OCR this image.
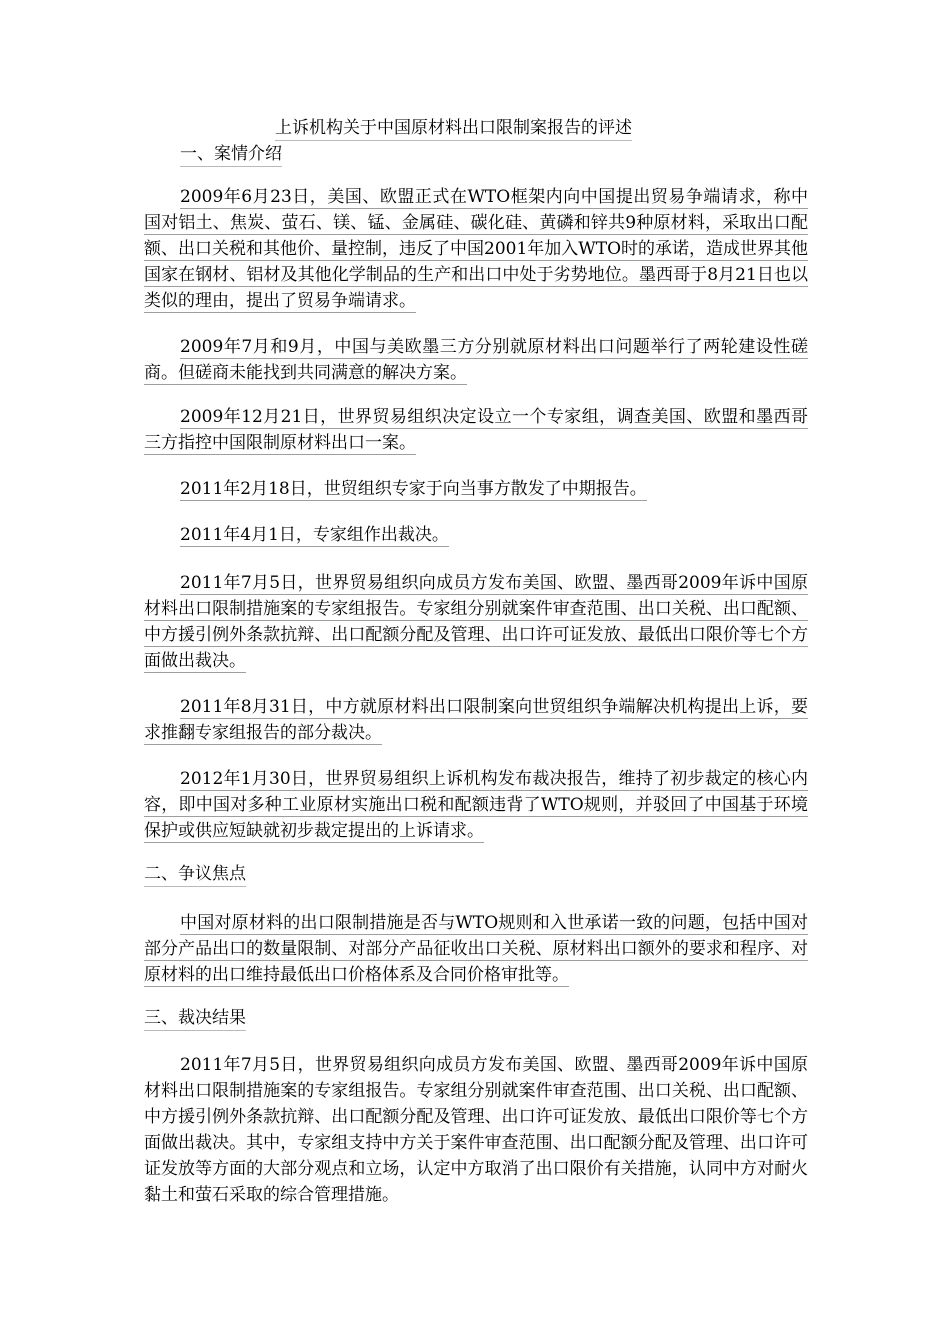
上诉机构关于中国原材料出口限制案报告的评述
一、案情介绍

2009年6月23日，美国、欧盟正式在WTO框架内向中国提出贸易争端请求，称中国对铝土、焦炭、萤石、镁、锰、金属硅、碳化硅、黄磷和锌共9种原材料，采取出口配额、出口关税和其他价、量控制，违反了中国2001年加入WTO时的承诺，造成世界其他国家在钢材、铝材及其他化学制品的生产和出口中处于劣势地位。墨西哥于8月21日也以类似的理由，提出了贸易争端请求。

2009年7月和9月，中国与美欧墨三方分别就原材料出口问题举行了两轮建设性磋商。但磋商未能找到共同满意的解决方案。

2009年12月21日，世界贸易组织决定设立一个专家组，调查美国、欧盟和墨西哥三方指控中国限制原材料出口一案。

2011年2月18日，世贸组织专家于向当事方散发了中期报告。

2011年4月1日，专家组作出裁决。

2011年7月5日，世界贸易组织向成员方发布美国、欧盟、墨西哥2009年诉中国原材料出口限制措施案的专家组报告。专家组分别就案件审查范围、出口关税、出口配额、中方援引例外条款抗辩、出口配额分配及管理、出口许可证发放、最低出口限价等七个方面做出裁决。

2011年8月31日，中方就原材料出口限制案向世贸组织争端解决机构提出上诉，要求推翻专家组报告的部分裁决。

2012年1月30日，世界贸易组织上诉机构发布裁决报告，维持了初步裁定的核心内容，即中国对多种工业原材实施出口税和配额违背了WTO规则，并驳回了中国基于环境保护或供应短缺就初步裁定提出的上诉请求。

二、争议焦点

中国对原材料的出口限制措施是否与WTO规则和入世承诺一致的问题，包括中国对部分产品出口的数量限制、对部分产品征收出口关税、原材料出口额外的要求和程序、对原材料的出口维持最低出口价格体系及合同价格审批等。

三、裁决结果

2011年7月5日，世界贸易组织向成员方发布美国、欧盟、墨西哥2009年诉中国原材料出口限制措施案的专家组报告。专家组分别就案件审查范围、出口关税、出口配额、中方援引例外条款抗辩、出口配额分配及管理、出口许可证发放、最低出口限价等七个方面做出裁决。其中，专家组支持中方关于案件审查范围、出口配额分配及管理、出口许可证发放等方面的大部分观点和立场，认定中方取消了出口限价有关措施，认同中方对耐火黏土和萤石采取的综合管理措施。
